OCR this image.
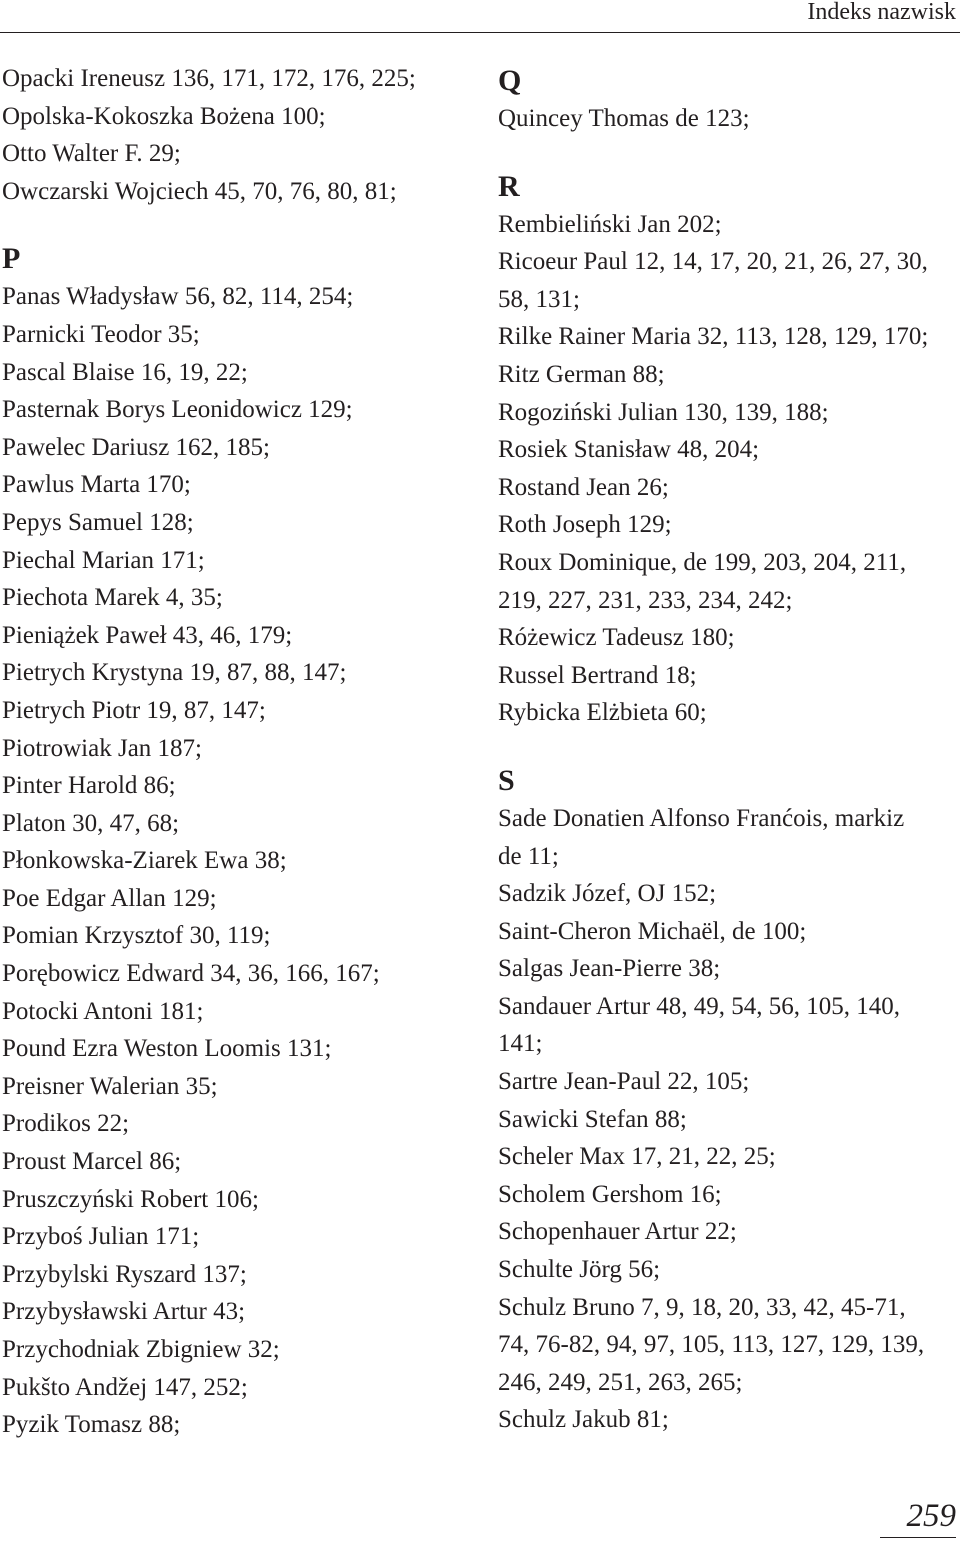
Indeks nazwisk
Opacki Ireneusz 136, 171, 172, 176, 225;
Opolska-Kokoszka Bożena 100;
Otto Walter F. 29;
Owczarski Wojciech 45, 70, 76, 80, 81;
P
Panas Władysław 56, 82, 114, 254;
Parnicki Teodor 35;
Pascal Blaise 16, 19, 22;
Pasternak Borys Leonidowicz 129;
Pawelec Dariusz 162, 185;
Pawlus Marta 170;
Pepys Samuel 128;
Piechal Marian 171;
Piechota Marek 4, 35;
Pieniążek Paweł 43, 46, 179;
Pietrych Krystyna 19, 87, 88, 147;
Pietrych Piotr 19, 87, 147;
Piotrowiak Jan 187;
Pinter Harold 86;
Platon 30, 47, 68;
Płonkowska-Ziarek Ewa 38;
Poe Edgar Allan 129;
Pomian Krzysztof 30, 119;
Porębowicz Edward 34, 36, 166, 167;
Potocki Antoni 181;
Pound Ezra Weston Loomis 131;
Preisner Walerian 35;
Prodikos 22;
Proust Marcel 86;
Pruszczyński Robert 106;
Przyboś Julian 171;
Przybylski Ryszard 137;
Przybysławski Artur 43;
Przychodniak Zbigniew 32;
Pukšto Andžej 147, 252;
Pyzik Tomasz 88;
Q
Quincey Thomas de 123;
R
Rembieliński Jan 202;
Ricoeur Paul 12, 14, 17, 20, 21, 26, 27, 30,
58, 131;
Rilke Rainer Maria 32, 113, 128, 129, 170;
Ritz German 88;
Rogoziński Julian 130, 139, 188;
Rosiek Stanisław 48, 204;
Rostand Jean 26;
Roth Joseph 129;
Roux Dominique, de 199, 203, 204, 211,
219, 227, 231, 233, 234, 242;
Różewicz Tadeusz 180;
Russel Bertrand 18;
Rybicka Elżbieta 60;
S
Sade Donatien Alfonso Franćois, markiz
de 11;
Sadzik Józef, OJ 152;
Saint-Cheron Michaël, de 100;
Salgas Jean-Pierre 38;
Sandauer Artur 48, 49, 54, 56, 105, 140,
141;
Sartre Jean-Paul 22, 105;
Sawicki Stefan 88;
Scheler Max 17, 21, 22, 25;
Scholem Gershom 16;
Schopenhauer Artur 22;
Schulte Jörg 56;
Schulz Bruno 7, 9, 18, 20, 33, 42, 45-71,
74, 76-82, 94, 97, 105, 113, 127, 129, 139,
246, 249, 251, 263, 265;
Schulz Jakub 81;
259
